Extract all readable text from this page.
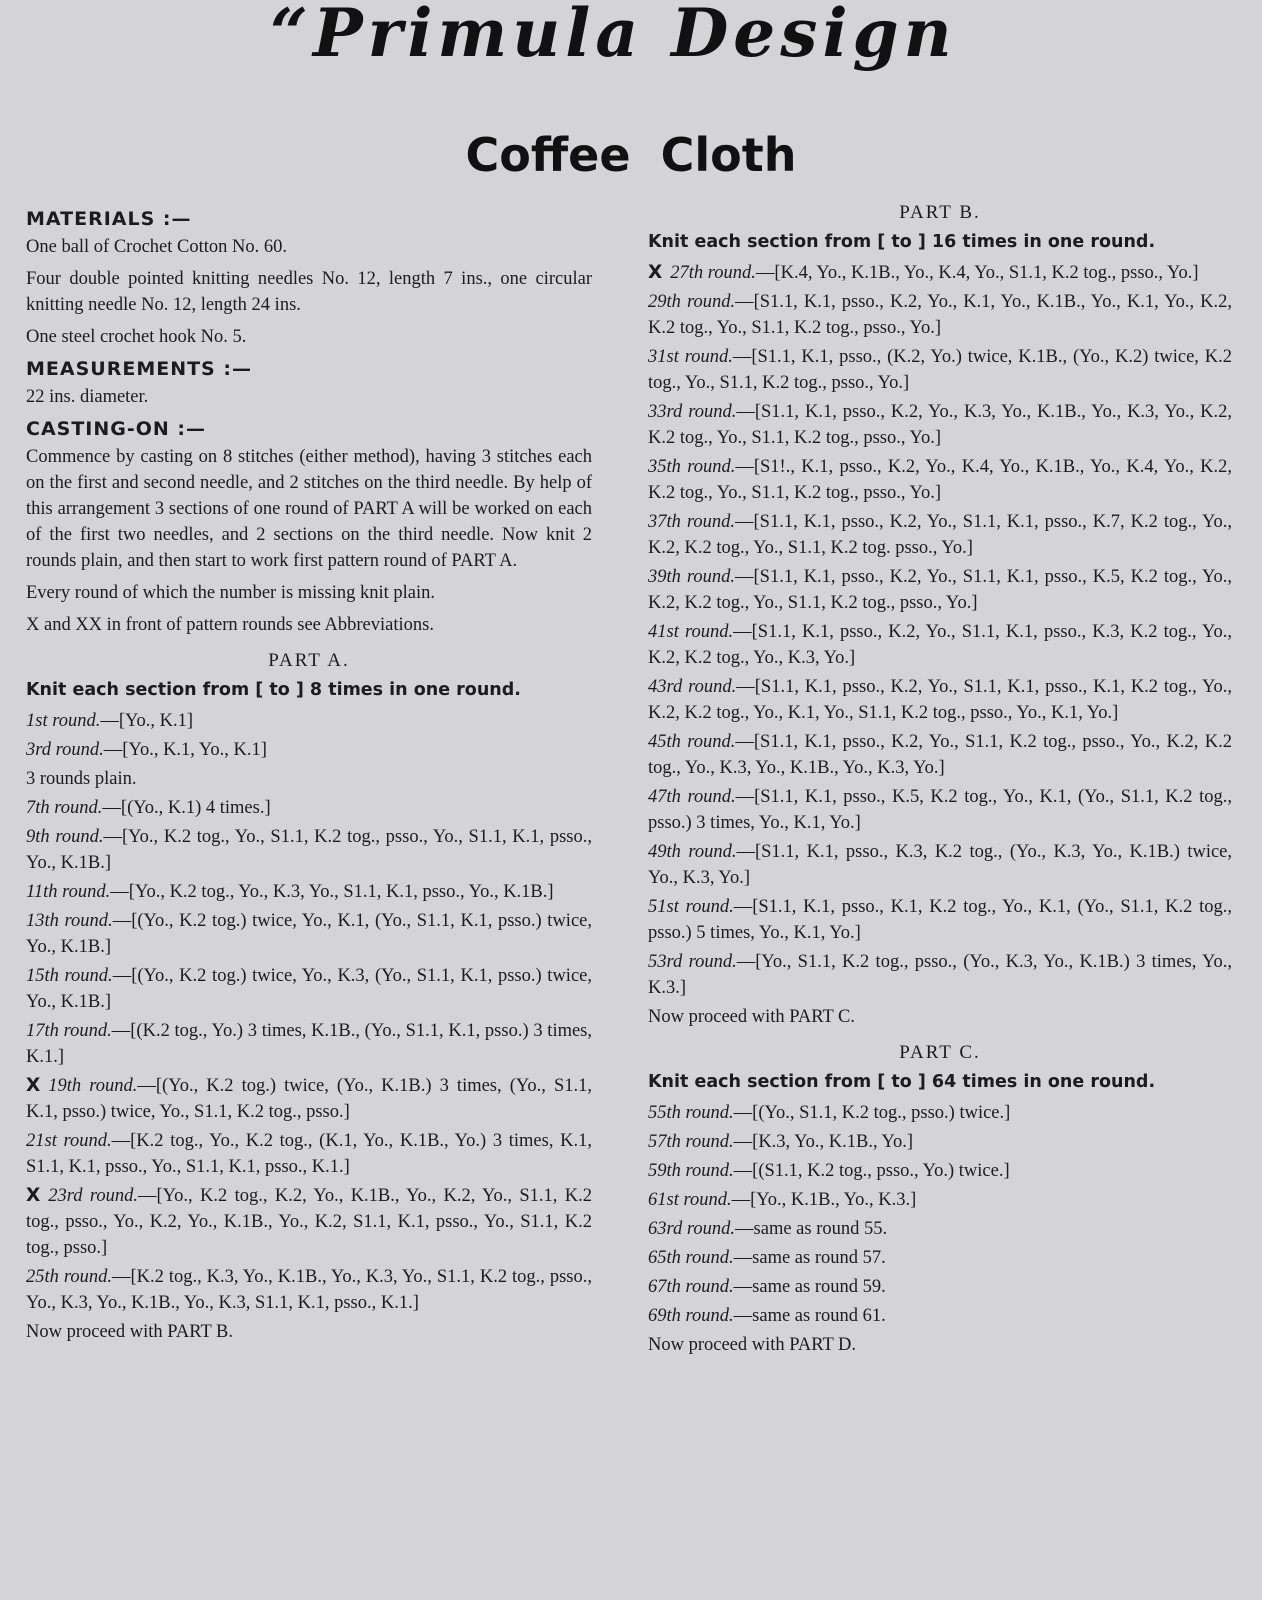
“Primula Design
Coffee Cloth
MATERIALS :—

One ball of Crochet Cotton No. 60.

Four double pointed knitting needles No. 12, length 7 ins., one circular knitting needle No. 12, length 24 ins.

One steel crochet hook No. 5.

MEASUREMENTS :—

22 ins. diameter.

CASTING-ON :—

Commence by casting on 8 stitches (either method), having 3 stitches each on the first and second needle, and 2 stitches on the third needle. By help of this arrangement 3 sections of one round of PART A will be worked on each of the first two needles, and 2 sections on the third needle. Now knit 2 rounds plain, and then start to work first pattern round of PART A.

Every round of which the number is missing knit plain.

X and XX in front of pattern rounds see Abbreviations.

PART A.
Knit each section from [ to ] 8 times in one round.

1st round.—[Yo., K.1]

3rd round.—[Yo., K.1, Yo., K.1]

3 rounds plain.

7th round.—[(Yo., K.1) 4 times.]

9th round.—[Yo., K.2 tog., Yo., S1.1, K.2 tog., psso., Yo., S1.1, K.1, psso., Yo., K.1B.]

11th round.—[Yo., K.2 tog., Yo., K.3, Yo., S1.1, K.1, psso., Yo., K.1B.]

13th round.—[(Yo., K.2 tog.) twice, Yo., K.1, (Yo., S1.1, K.1, psso.) twice, Yo., K.1B.]

15th round.—[(Yo., K.2 tog.) twice, Yo., K.3, (Yo., S1.1, K.1, psso.) twice, Yo., K.1B.]

17th round.—[(K.2 tog., Yo.) 3 times, K.1B., (Yo., S1.1, K.1, psso.) 3 times, K.1.]

X 19th round.—[(Yo., K.2 tog.) twice, (Yo., K.1B.) 3 times, (Yo., S1.1, K.1, psso.) twice, Yo., S1.1, K.2 tog., psso.]

21st round.—[K.2 tog., Yo., K.2 tog., (K.1, Yo., K.1B., Yo.) 3 times, K.1, S1.1, K.1, psso., Yo., S1.1, K.1, psso., K.1.]

X 23rd round.—[Yo., K.2 tog., K.2, Yo., K.1B., Yo., K.2, Yo., S1.1, K.2 tog., psso., Yo., K.2, Yo., K.1B., Yo., K.2, S1.1, K.1, psso., Yo., S1.1, K.2 tog., psso.]

25th round.—[K.2 tog., K.3, Yo., K.1B., Yo., K.3, Yo., S1.1, K.2 tog., psso., Yo., K.3, Yo., K.1B., Yo., K.3, S1.1, K.1, psso., K.1.]

Now proceed with PART B.

PART B.
Knit each section from [ to ] 16 times in one round.

X 27th round.—[K.4, Yo., K.1B., Yo., K.4, Yo., S1.1, K.2 tog., psso., Yo.]

29th round.—[S1.1, K.1, psso., K.2, Yo., K.1, Yo., K.1B., Yo., K.1, Yo., K.2, K.2 tog., Yo., S1.1, K.2 tog., psso., Yo.]

31st round.—[S1.1, K.1, psso., (K.2, Yo.) twice, K.1B., (Yo., K.2) twice, K.2 tog., Yo., S1.1, K.2 tog., psso., Yo.]

33rd round.—[S1.1, K.1, psso., K.2, Yo., K.3, Yo., K.1B., Yo., K.3, Yo., K.2, K.2 tog., Yo., S1.1, K.2 tog., psso., Yo.]

35th round.—[S1!., K.1, psso., K.2, Yo., K.4, Yo., K.1B., Yo., K.4, Yo., K.2, K.2 tog., Yo., S1.1, K.2 tog., psso., Yo.]

37th round.—[S1.1, K.1, psso., K.2, Yo., S1.1, K.1, psso., K.7, K.2 tog., Yo., K.2, K.2 tog., Yo., S1.1, K.2 tog. psso., Yo.]

39th round.—[S1.1, K.1, psso., K.2, Yo., S1.1, K.1, psso., K.5, K.2 tog., Yo., K.2, K.2 tog., Yo., S1.1, K.2 tog., psso., Yo.]

41st round.—[S1.1, K.1, psso., K.2, Yo., S1.1, K.1, psso., K.3, K.2 tog., Yo., K.2, K.2 tog., Yo., K.3, Yo.]

43rd round.—[S1.1, K.1, psso., K.2, Yo., S1.1, K.1, psso., K.1, K.2 tog., Yo., K.2, K.2 tog., Yo., K.1, Yo., S1.1, K.2 tog., psso., Yo., K.1, Yo.]

45th round.—[S1.1, K.1, psso., K.2, Yo., S1.1, K.2 tog., psso., Yo., K.2, K.2 tog., Yo., K.3, Yo., K.1B., Yo., K.3, Yo.]

47th round.—[S1.1, K.1, psso., K.5, K.2 tog., Yo., K.1, (Yo., S1.1, K.2 tog., psso.) 3 times, Yo., K.1, Yo.]

49th round.—[S1.1, K.1, psso., K.3, K.2 tog., (Yo., K.3, Yo., K.1B.) twice, Yo., K.3, Yo.]

51st round.—[S1.1, K.1, psso., K.1, K.2 tog., Yo., K.1, (Yo., S1.1, K.2 tog., psso.) 5 times, Yo., K.1, Yo.]

53rd round.—[Yo., S1.1, K.2 tog., psso., (Yo., K.3, Yo., K.1B.) 3 times, Yo., K.3.]

Now proceed with PART C.

PART C.
Knit each section from [ to ] 64 times in one round.

55th round.—[(Yo., S1.1, K.2 tog., psso.) twice.]

57th round.—[K.3, Yo., K.1B., Yo.]

59th round.—[(S1.1, K.2 tog., psso., Yo.) twice.]

61st round.—[Yo., K.1B., Yo., K.3.]

63rd round.—same as round 55.

65th round.—same as round 57.

67th round.—same as round 59.

69th round.—same as round 61.

Now proceed with PART D.
